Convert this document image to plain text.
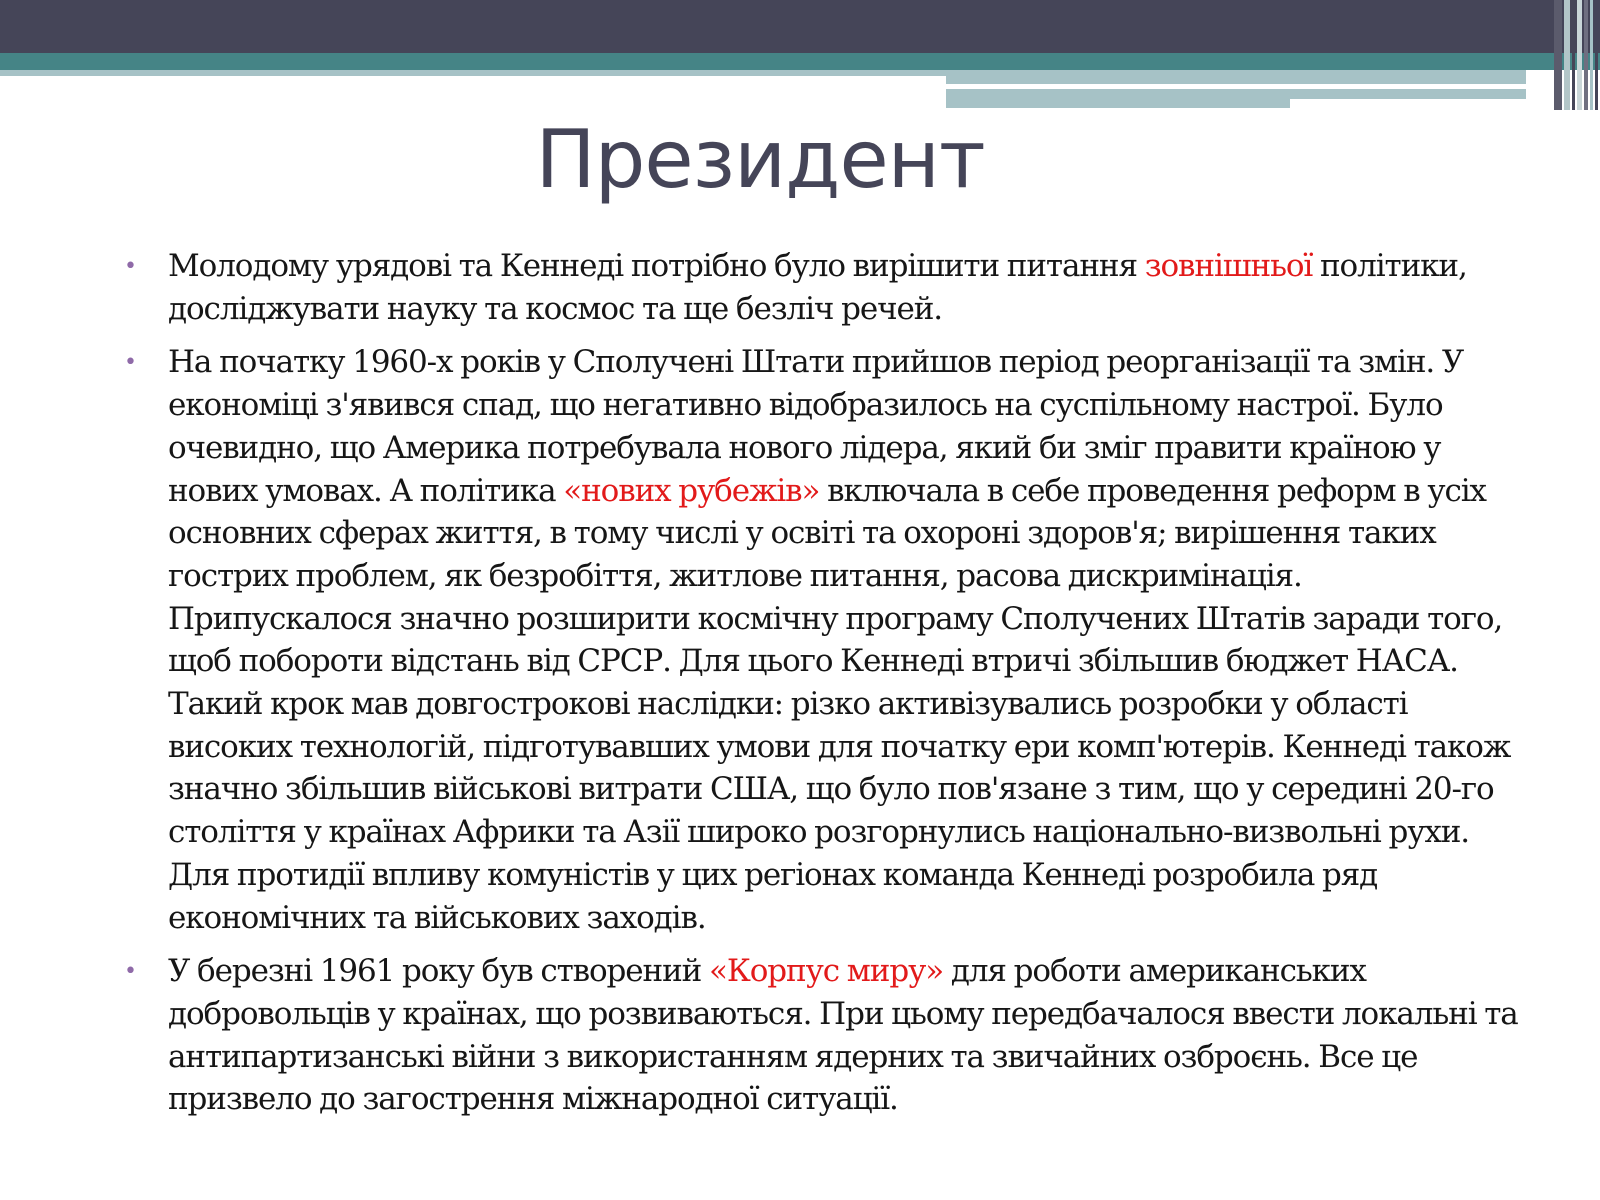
Президент
• Молодому урядові та Кеннеді потрібно було вирішити питання зовнішньої політики, досліджувати науку та космос та ще безліч речей.
• На початку 1960-х років у Сполучені Штати прийшов період реорганізації та змін. У економіці з'явився спад, що негативно відобразилось на суспільному настрої. Було очевидно, що Америка потребувала нового лідера, який би зміг правити країною у нових умовах. А політика «нових рубежів» включала в себе проведення реформ в усіх основних сферах життя, в тому числі у освіті та охороні здоров'я; вирішення таких гострих проблем, як безробіття, житлове питання, расова дискримінація. Припускалося значно розширити космічну програму Сполучених Штатів заради того, щоб побороти відстань від СРСР. Для цього Кеннеді втричі збільшив бюджет НАСА. Такий крок мав довгострокові наслідки: різко активізувались розробки у області високих технологій, підготувавших умови для початку ери комп'ютерів. Кеннеді також значно збільшив військові витрати США, що було пов'язане з тим, що у середині 20-го століття у країнах Африки та Азії широко розгорнулись національно-визвольні рухи. Для протидії впливу комуністів у цих регіонах команда Кеннеді розробила ряд економічних та військових заходів.
• У березні 1961 року був створений «Корпус миру» для роботи американських добровольців у країнах, що розвиваються. При цьому передбачалося ввести локальні та антипартизанські війни з використанням ядерних та звичайних озброєнь. Все це призвело до загострення міжнародної ситуації.
